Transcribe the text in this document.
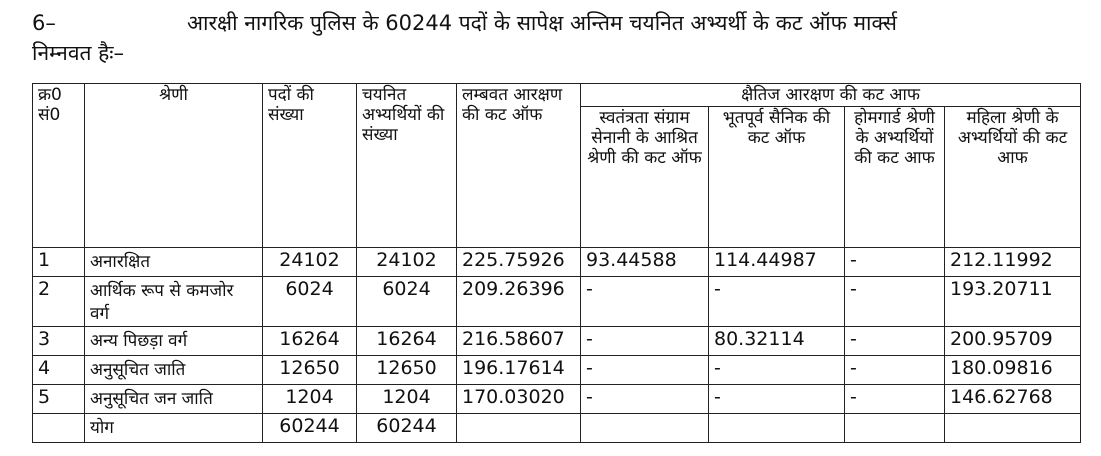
6–	आरक्षी नागरिक पुलिस के 60244 पदों के सापेक्ष अन्तिम चयनित अभ्यर्थी के कट ऑफ मार्क्स
निम्नवत हैः–
क्र0 सं0	श्रेणी	पदों की संख्या	चयनित अभ्यर्थियों की संख्या	लम्बवत आरक्षण की कट ऑफ	क्षैतिज आरक्षण की कट आफ			
					स्वतंत्रता संग्राम सेनानी के आश्रित श्रेणी की कट ऑफ	भूतपूर्व सैनिक की कट ऑफ	होमगार्ड श्रेणी के अभ्यर्थियों की कट आफ	महिला श्रेणी के अभ्यर्थियों की कट आफ
1	अनारक्षित	24102	24102	225.75926	93.44588	114.44987	-	212.11992
2	आर्थिक रूप से कमजोर वर्ग	6024	6024	209.26396	-	-	-	193.20711
3	अन्य पिछड़ा वर्ग	16264	16264	216.58607	-	80.32114	-	200.95709
4	अनुसूचित जाति	12650	12650	196.17614	-	-	-	180.09816
5	अनुसूचित जन जाति	1204	1204	170.03020	-	-	-	146.62768
	योग	60244	60244					
